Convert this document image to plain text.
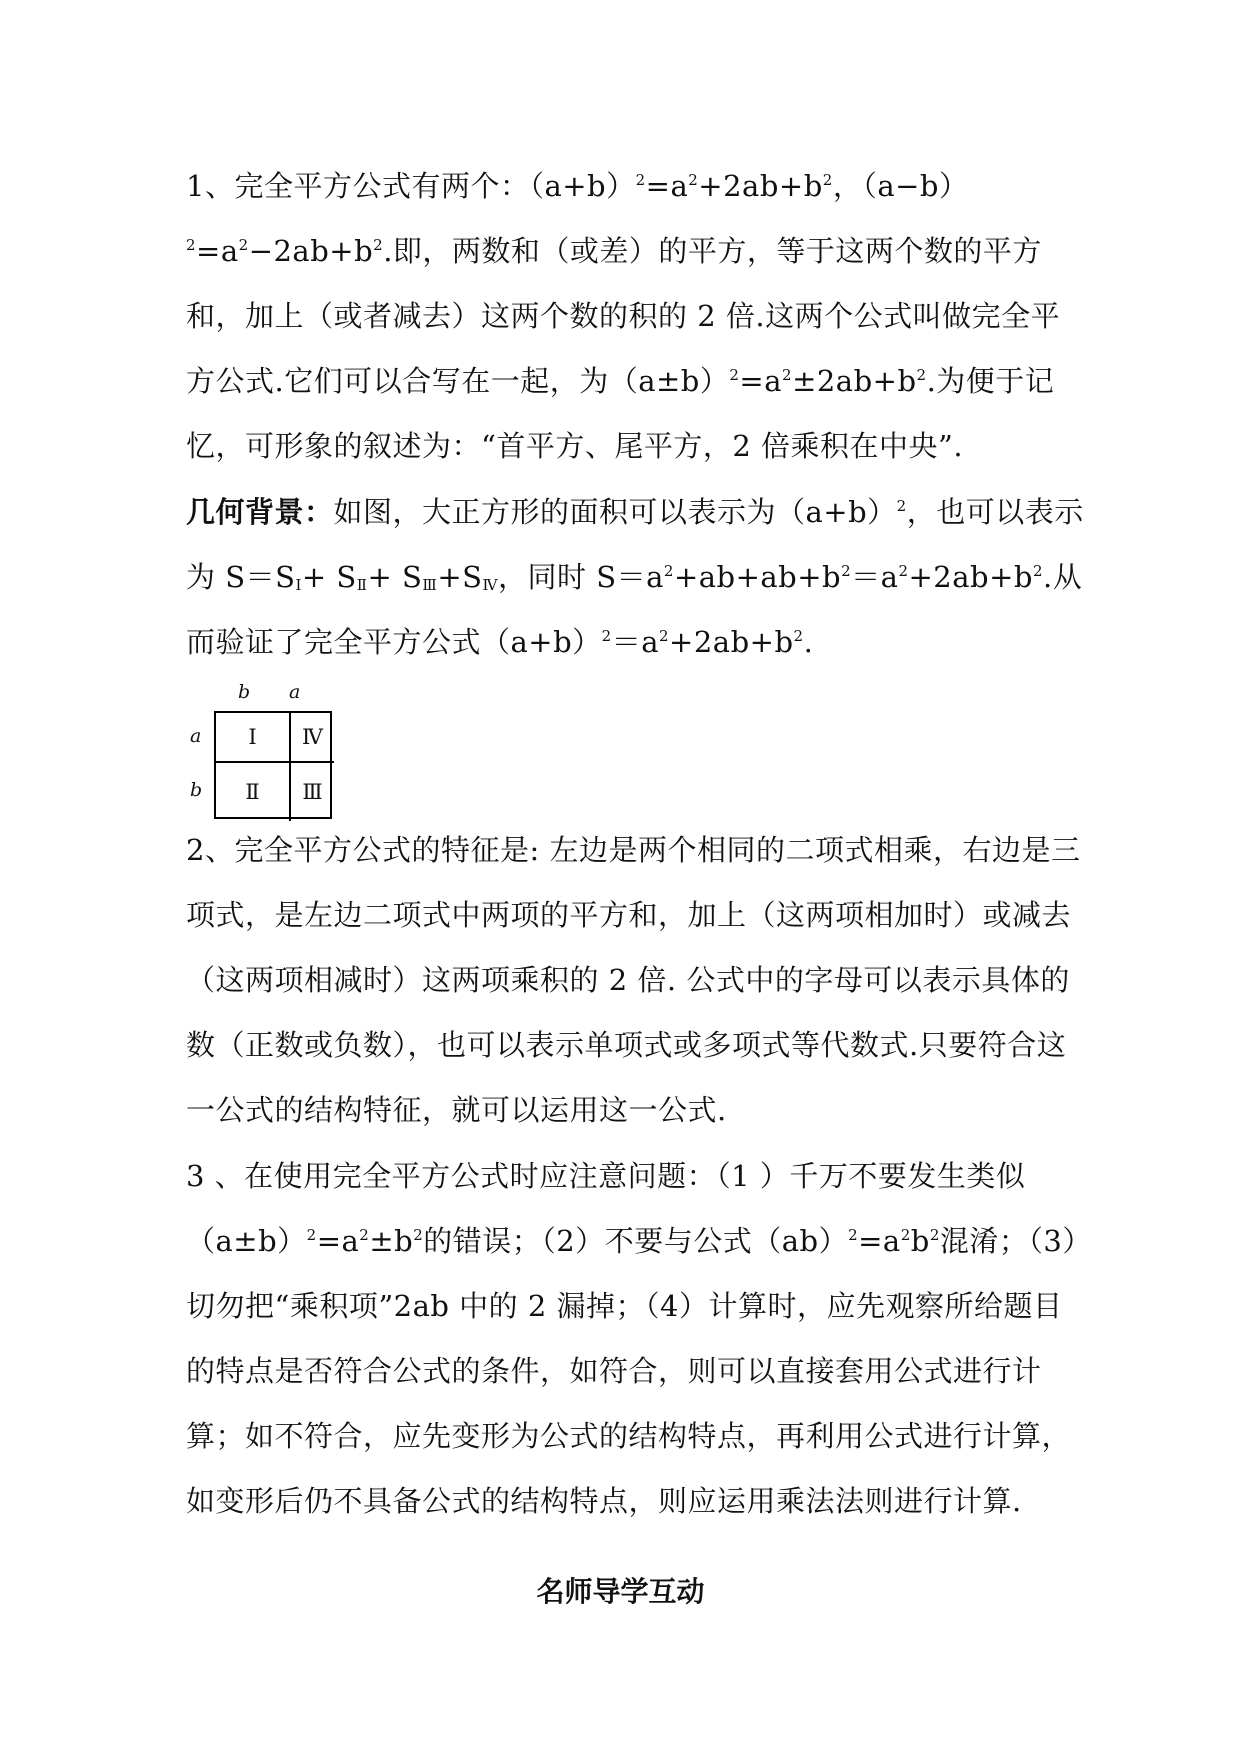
1、完全平方公式有两个：$(a+b)^2=a^2+2ab+b^2$，$(a-b)^2=a^2-2ab+b^2$.即，两数和（或差）的平方，等于这两个数的平方和，加上（或者减去）这两个数的积的 2 倍.这两个公式叫做完全平方公式.它们可以合写在一起，为$(a\pm b)^2=a^2\pm 2ab+b^2$.为便于记忆，可形象的叙述为：“首平方、尾平方，2 倍乘积在中央”.

几何背景：如图，大正方形的面积可以表示为$(a+b)^2$，也可以表示为 $S=S_Ⅰ+ S_Ⅱ+ S_Ⅲ+S_Ⅳ$，同时 $S=a^2+ab+ab+b^2=a^2+2ab+b^2$.从而验证了完全平方公式$(a+b)^2=a^2+2ab+b^2$.

b a
a
b
Ⅰ	Ⅳ
Ⅱ	Ⅲ

2、完全平方公式的特征是: 左边是两个相同的二项式相乘，右边是三项式，是左边二项式中两项的平方和，加上（这两项相加时）或减去（这两项相减时）这两项乘积的 2 倍. 公式中的字母可以表示具体的数（正数或负数），也可以表示单项式或多项式等代数式.只要符合这一公式的结构特征，就可以运用这一公式.

3 、在使用完全平方公式时应注意问题：（1 ）千万不要发生类似$(a\pm b)^2=a^2\pm b^2$的错误；（2）不要与公式$(ab)^2=a^2b^2$混淆；（3）切勿把“乘积项”2ab 中的 2 漏掉；（4）计算时，应先观察所给题目的特点是否符合公式的条件，如符合，则可以直接套用公式进行计算；如不符合，应先变形为公式的结构特点，再利用公式进行计算，如变形后仍不具备公式的结构特点，则应运用乘法法则进行计算.

名师导学互动
